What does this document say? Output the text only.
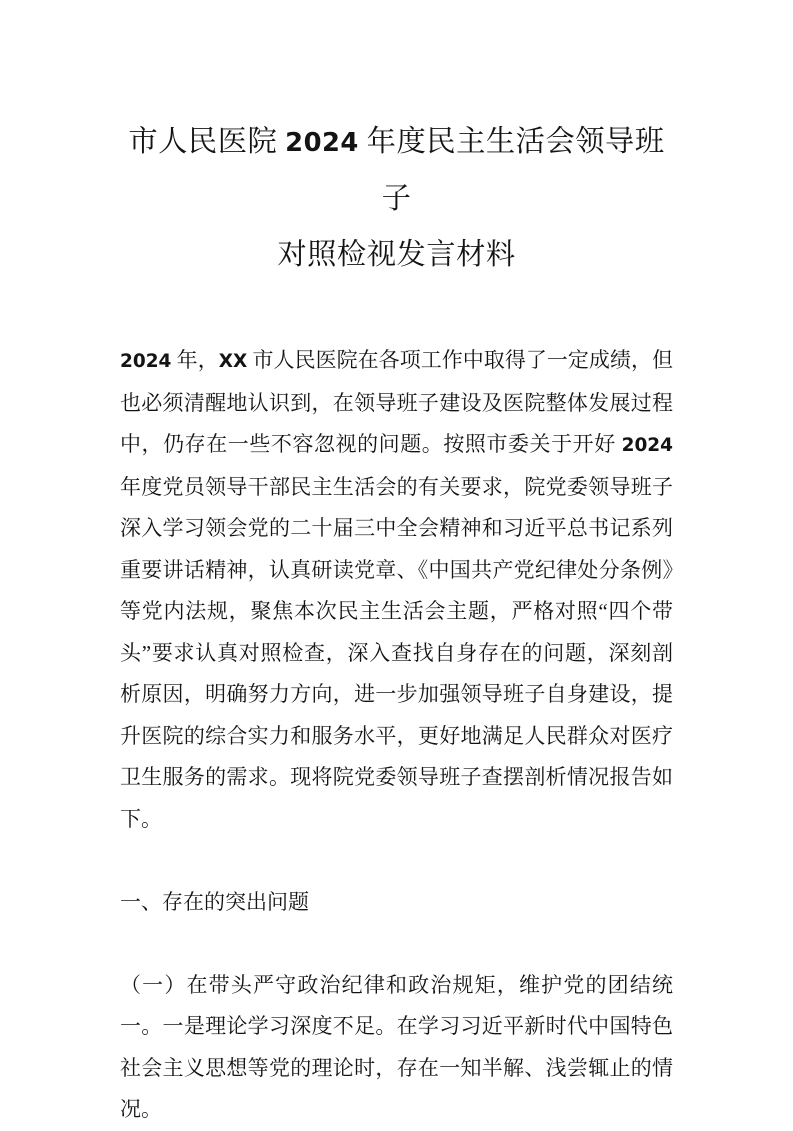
市人民医院 2024 年度民主生活会领导班子
对照检视发言材料

2024 年，XX 市人民医院在各项工作中取得了一定成绩，但也必须清醒地认识到，在领导班子建设及医院整体发展过程中，仍存在一些不容忽视的问题。按照市委关于开好 2024 年度党员领导干部民主生活会的有关要求，院党委领导班子深入学习领会党的二十届三中全会精神和习近平总书记系列重要讲话精神，认真研读党章、《中国共产党纪律处分条例》等党内法规，聚焦本次民主生活会主题，严格对照“四个带头”要求认真对照检查，深入查找自身存在的问题，深刻剖析原因，明确努力方向，进一步加强领导班子自身建设，提升医院的综合实力和服务水平，更好地满足人民群众对医疗卫生服务的需求。现将院党委领导班子查摆剖析情况报告如下。

一、存在的突出问题

（一）在带头严守政治纪律和政治规矩，维护党的团结统一。一是理论学习深度不足。在学习习近平新时代中国特色社会主义思想等党的理论时，存在一知半解、浅尝辄止的情况。
